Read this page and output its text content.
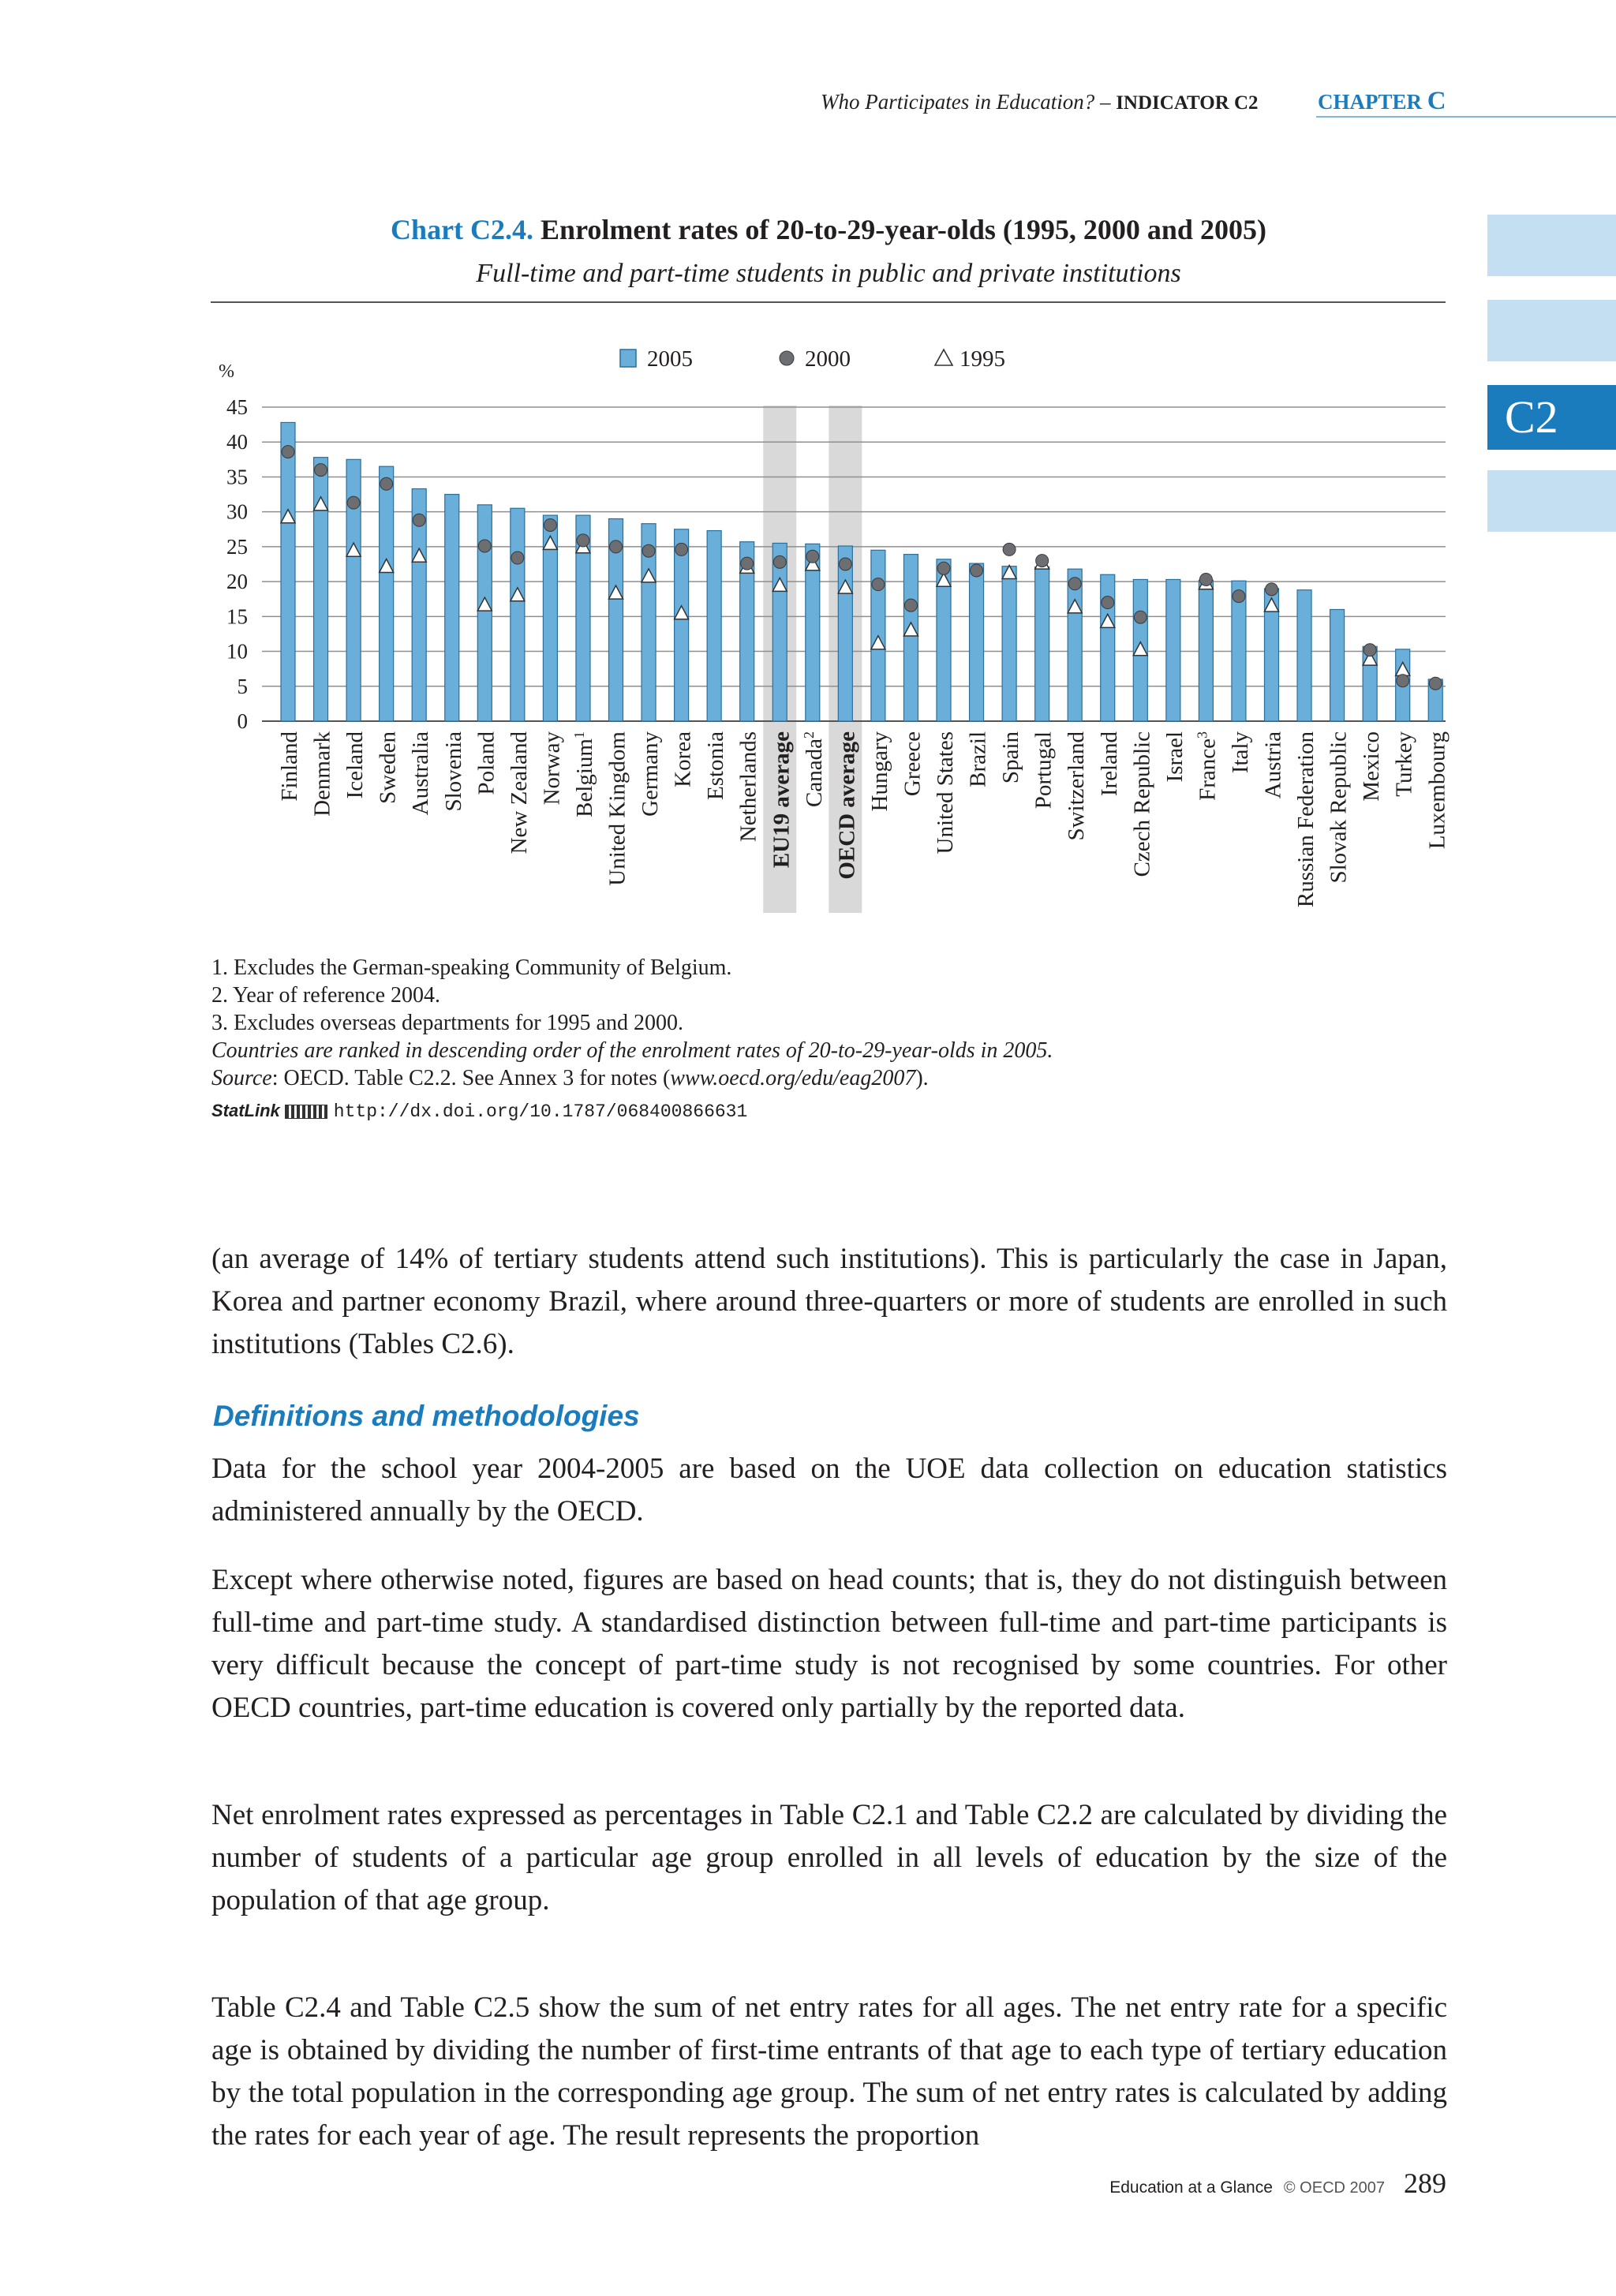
Who Participates in Education? – INDICATOR C2	CHAPTER C
C2
Chart C2.4. Enrolment rates of 20-to-29-year-olds (1995, 2000 and 2005)
Full-time and part-time students in public and private institutions
0
5
10
15
20
25
30
35
40
45
%	2005	2000	1995
Finland Denmark Iceland Sweden Australia Slovenia Poland New Zealand Norway Belgium$^1$ United Kingdom Germany Korea Estonia Netherlands EU19 average Canada$^2$ OECD average Hungary Greece United States Brazil Spain Portugal Switzerland Ireland Czech Republic Israel France$^3$ Italy Austria Russian Federation Slovak Republic Mexico Turkey Luxembourg
1. Excludes the German-speaking Community of Belgium.
2. Year of reference 2004.
3. Excludes overseas departments for 1995 and 2000.
Countries are ranked in descending order of the enrolment rates of 20-to-29-year-olds in 2005.
Source: OECD. Table C2.2. See Annex 3 for notes (www.oecd.org/edu/eag2007).
StatLink	http://dx.doi.org/10.1787/068400866631
(an average of 14% of tertiary students attend such institutions). This is particularly the case in Japan, Korea and partner economy Brazil, where around three-quarters or more of students are enrolled in such institutions (Tables C2.6).
Definitions and methodologies
Data for the school year 2004-2005 are based on the UOE data collection on education statistics administered annually by the OECD.
Except where otherwise noted, figures are based on head counts; that is, they do not distinguish between full-time and part-time study. A standardised distinction between full-time and part-time participants is very difficult because the concept of part-time study is not recognised by some countries. For other OECD countries, part-time education is covered only partially by the reported data.
Net enrolment rates expressed as percentages in Table C2.1 and Table C2.2 are calculated by dividing the number of students of a particular age group enrolled in all levels of education by the size of the population of that age group.
Table C2.4 and Table C2.5 show the sum of net entry rates for all ages. The net entry rate for a specific age is obtained by dividing the number of first-time entrants of that age to each type of tertiary education by the total population in the corresponding age group. The sum of net entry rates is calculated by adding the rates for each year of age. The result represents the proportion
Education at a Glance © OECD 2007 289
